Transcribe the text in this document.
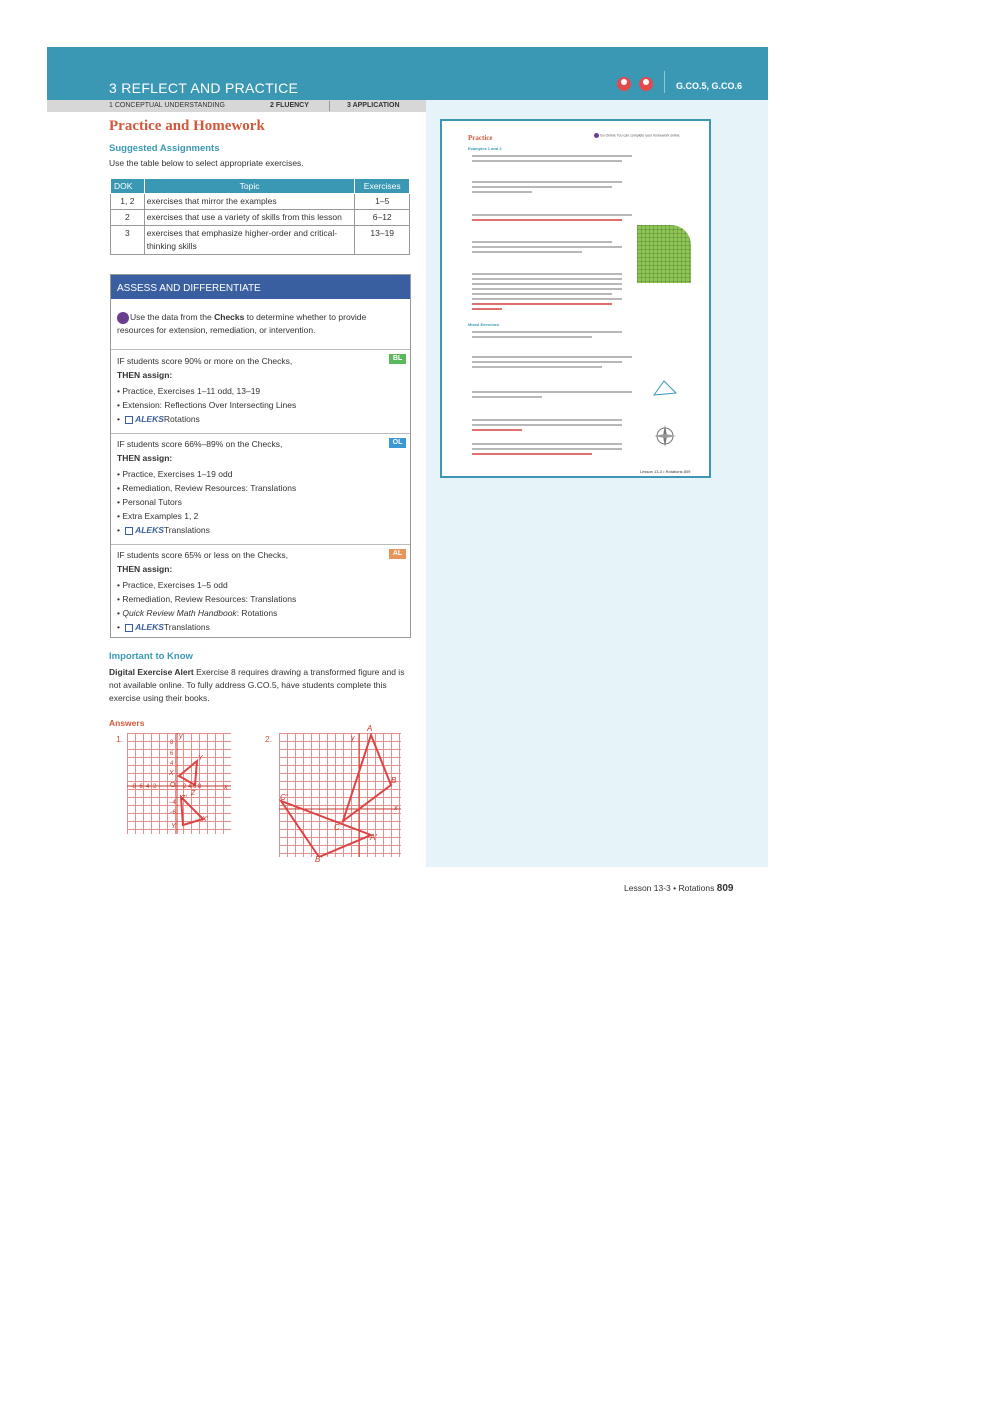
3 REFLECT AND PRACTICE
	G.CO.5, G.CO.6
1 CONCEPTUAL UNDERSTANDING	2 FLUENCY	3 APPLICATION
Practice and Homework
Suggested Assignments
Use the table below to select appropriate exercises.
DOK	Topic	Exercises
1, 2	exercises that mirror the examples	1–5
2	exercises that use a variety of skills from this lesson	6–12
3	exercises that emphasize higher-order and critical-thinking skills	13–19
ASSESS AND DIFFERENTIATE
Use the data from the Checks to determine whether to provide resources for extension, remediation, or intervention.
BL
IF students score 90% or more on the Checks,
THEN assign:
• Practice, Exercises 1–11 odd, 13–19
• Extension: Reflections Over Intersecting Lines
•   ALEKSRotations
OL
IF students score 66%–89% on the Checks,
THEN assign:
• Practice, Exercises 1–19 odd
• Remediation, Review Resources: Translations
• Personal Tutors
• Extra Examples 1, 2
•   ALEKSTranslations
AL
IF students score 65% or less on the Checks,
THEN assign:
• Practice, Exercises 1–5 odd
• Remediation, Review Resources: Translations
• Quick Review Math Handbook: Rotations
•   ALEKSTranslations
Important to Know
Digital Exercise Alert Exercise 8 requires drawing a transformed figure and is not available online. To fully address G.CO.5, have students complete this exercise using their books.
Answers
1.	2.
y
x
8
6
4
−8−6−4−2 O 2 4 6 8
−4
−6
Y
X
Z
Z'
X'
Y'
y
x
A
B
C
C'
B'
A'
Practice	Go Online You can complete your homework online.
Examples 1 and 2
Mixed Exercises
Lesson 13-3 • Rotations 809
Lesson 13-3 • Rotations 809
